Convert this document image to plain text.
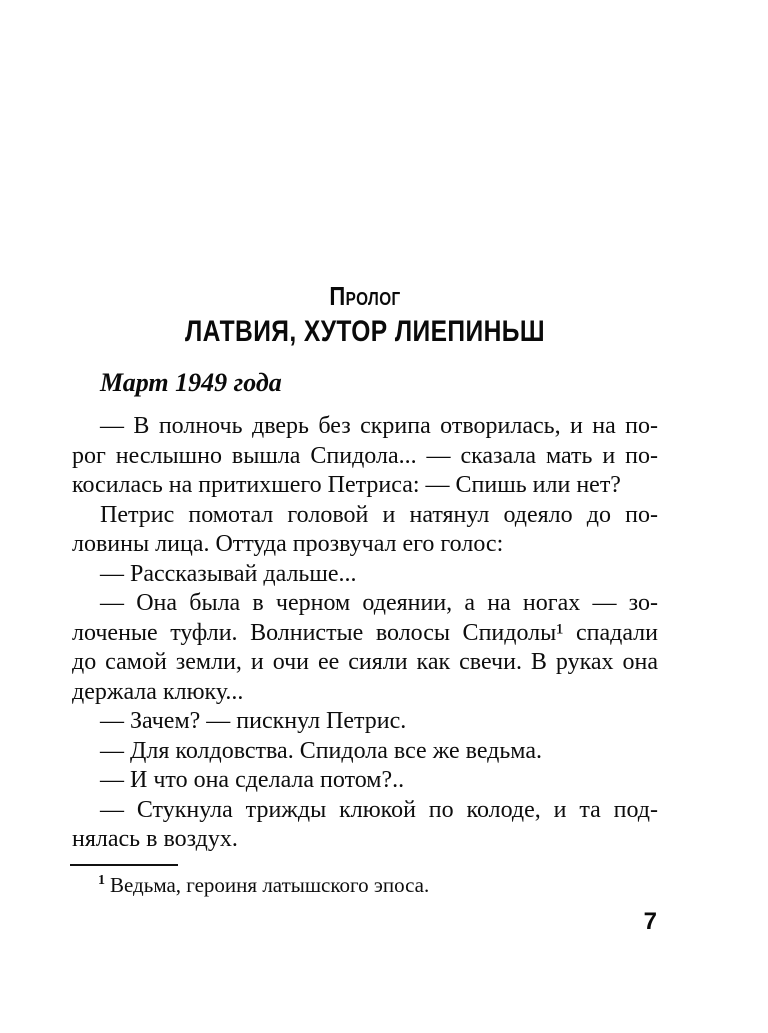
Пролог
ЛАТВИЯ, ХУТОР ЛИЕПИНЬШ
Март 1949 года
— В полночь дверь без скрипа отворилась, и на по-
рог неслышно вышла Спидола... — сказала мать и по-
косилась на притихшего Петриса: — Спишь или нет?
Петрис помотал головой и натянул одеяло до по-
ловины лица. Оттуда прозвучал его голос:
— Рассказывай дальше...
— Она была в черном одеянии, а на ногах — зо-
лоченые туфли. Волнистые волосы Спидолы¹ спадали
до самой земли, и очи ее сияли как свечи. В руках она
держала клюку...
— Зачем? — пискнул Петрис.
— Для колдовства. Спидола все же ведьма.
— И что она сделала потом?..
— Стукнула трижды клюкой по колоде, и та под-
нялась в воздух.
$^1$ Ведьма, героиня латышского эпоса.
7
